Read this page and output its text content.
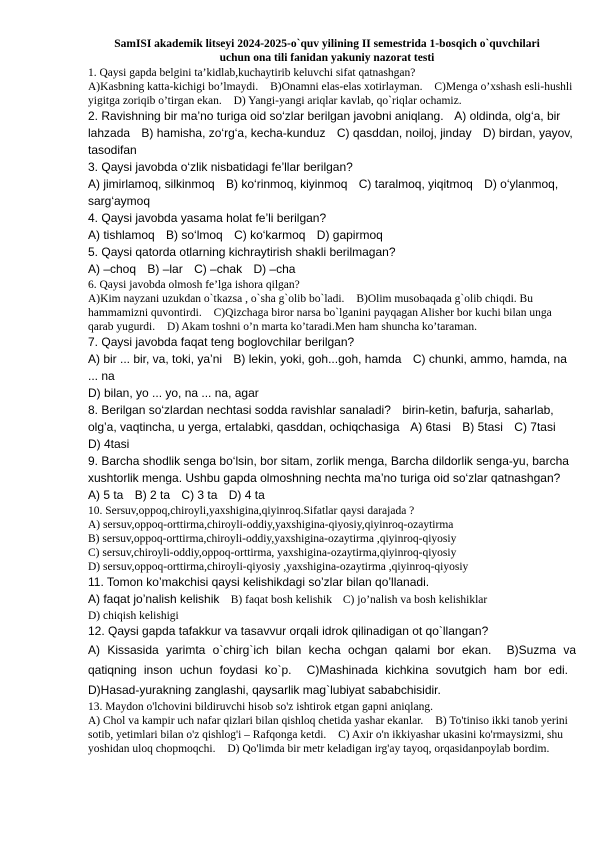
SamISI akademik litseyi 2024-2025-o`quv yilining II semestrida 1-bosqich o`quvchilari
uchun ona tili fanidan yakuniy nazorat testi

1. Qaysi gapda belgini ta’kidlab,kuchaytirib keluvchi sifat qatnashgan?

A)Kasbning katta-kichigi bo’lmaydi. B)Onamni elas-elas xotirlayman. C)Menga o’xshash esli-hushli yigitga zoriqib o’tirgan ekan. D) Yangi-yangi ariqlar kavlab, qo`riqlar ochamiz.

2. Ravishning bir ma’no turiga oid so‘zlar berilgan javobni aniqlang. A) oldinda, olg‘a, bir lahzada B) hamisha, zo‘rg‘a, kecha-kunduz C) qasddan, noiloj, jinday D) birdan, yayov, tasodifan

3. Qaysi javobda o‘zlik nisbatidagi fe’llar berilgan?

A) jimirlamoq, silkinmoq B) ko‘rinmoq, kiyinmoq C) taralmoq, yiqitmoq D) o‘ylanmoq, sarg‘aymoq

4. Qaysi javobda yasama holat fe’li berilgan?

A) tishlamoq B) so‘lmoq C) ko‘karmoq D) gapirmoq

5. Qaysi qatorda otlarning kichraytirish shakli berilmagan?

A) –choq B) –lar C) –chak D) –cha

6. Qaysi javobda olmosh fe’lga ishora qilgan?

A)Kim nayzani uzukdan o`tkazsa , o`sha g`olib bo`ladi. B)Olim musobaqada g`olib chiqdi. Bu hammamizni quvontirdi. C)Qizchaga biror narsa bo`lganini payqagan Alisher bor kuchi bilan unga qarab yugurdi. D) Akam toshni o’n marta ko’taradi.Men ham shuncha ko’taraman.

7. Qaysi javobda faqat teng boglovchilar berilgan?

A) bir ... bir, va, toki, ya’ni B) lekin, yoki, goh...goh, hamda C) chunki, ammo, hamda, na ... na

D) bilan, yo ... yo, na ... na, agar

8. Berilgan so‘zlardan nechtasi sodda ravishlar sanaladi? birin-ketin, bafurja, saharlab, olg’a, vaqtincha, u yerga, ertalabki, qasddan, ochiqchasiga A) 6tasi B) 5tasi C) 7tasi D) 4tasi

9. Barcha shodlik senga bo‘lsin, bor sitam, zorlik menga, Barcha dildorlik senga-yu, barcha xushtorlik menga. Ushbu gapda olmoshning nechta ma’no turiga oid so‘zlar qatnashgan?

A) 5 ta B) 2 ta C) 3 ta D) 4 ta

10. Sersuv,oppoq,chiroyli,yaxshigina,qiyinroq.Sifatlar qaysi darajada ?

A) sersuv,oppoq-orttirma,chiroyli-oddiy,yaxshigina-qiyosiy,qiyinroq-ozaytirma

B) sersuv,oppoq-orttirma,chiroyli-oddiy,yaxshigina-ozaytirma ,qiyinroq-qiyosiy

C) sersuv,chiroyli-oddiy,oppoq-orttirma, yaxshigina-ozaytirma,qiyinroq-qiyosiy

D) sersuv,oppoq-orttirma,chiroyli-qiyosiy ,yaxshigina-ozaytirma ,qiyinroq-qiyosiy

11. Tomon ko’makchisi qaysi kelishikdagi so’zlar bilan qo’llanadi.

A) faqat jo’nalish kelishik B) faqat bosh kelishik C) jo’nalish va bosh kelishiklar

D) chiqish kelishigi

12. Qaysi gapda tafakkur va tasavvur orqali idrok qilinadigan ot qo`llangan?

A) Kissasida yarimta o`chirg`ich bilan kecha ochgan qalami bor ekan. B)Suzma va qatiqning inson uchun foydasi ko`p. C)Mashinada kichkina sovutgich ham bor edi. D)Hasad-yurakning zanglashi, qaysarlik mag`lubiyat sababchisidir.

13. Maydon o'lchovini bildiruvchi hisob so'z ishtirok etgan gapni aniqlang.

A) Chol va kampir uch nafar qizlari bilan qishloq chetida yashar ekanlar. B) To'tiniso ikki tanob yerini sotib, yetimlari bilan o'z qishlog'i – Rafqonga ketdi. C) Axir o'n ikkiyashar ukasini ko'rmaysizmi, shu yoshidan uloq chopmoqchi. D) Qo'limda bir metr keladigan irg'ay tayoq, orqasidanpoylab bordim.
